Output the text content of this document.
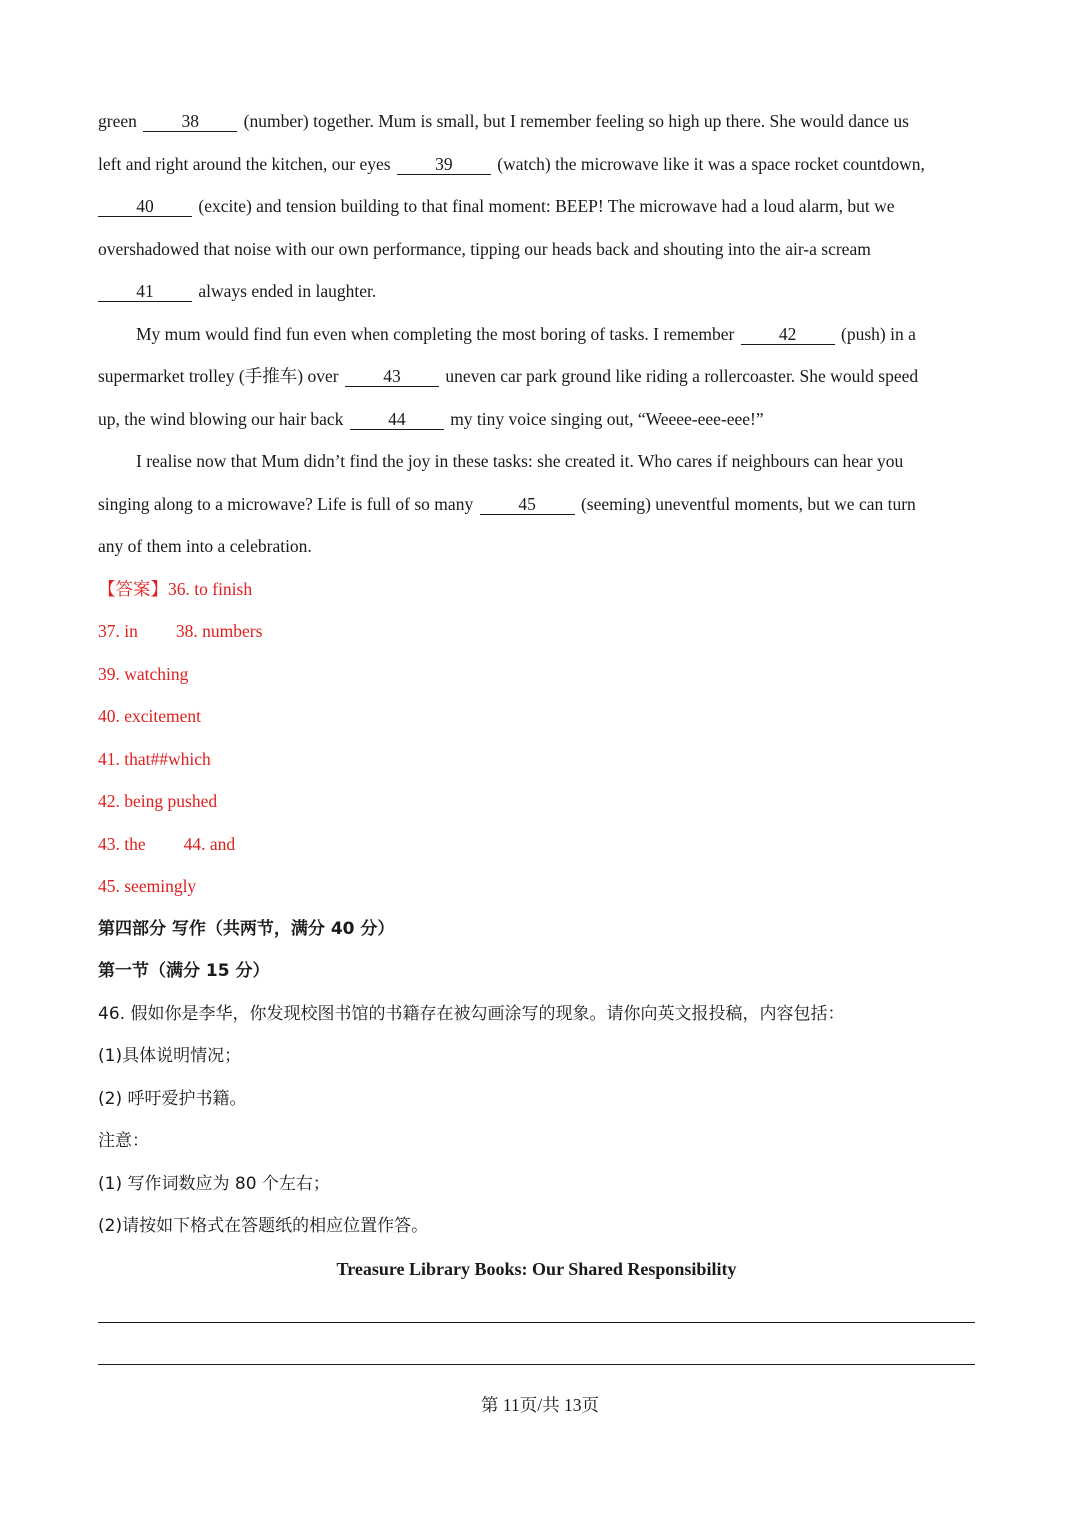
green 38 (number) together. Mum is small, but I remember feeling so high up there. She would dance us
left and right around the kitchen, our eyes 39 (watch) the microwave like it was a space rocket countdown,
40 (excite) and tension building to that final moment: BEEP! The microwave had a loud alarm, but we
overshadowed that noise with our own performance, tipping our heads back and shouting into the air-a scream
41 always ended in laughter.
My mum would find fun even when completing the most boring of tasks. I remember 42 (push) in a
supermarket trolley (手推车) over 43 uneven car park ground like riding a rollercoaster. She would speed
up, the wind blowing our hair back 44 my tiny voice singing out, “Weeee-eee-eee!”
I realise now that Mum didn’t find the joy in these tasks: she created it. Who cares if neighbours can hear you
singing along to a microwave? Life is full of so many 45 (seeming) uneventful moments, but we can turn
any of them into a celebration.
【答案】36. to finish
37. in 38. numbers
39. watching
40. excitement
41. that##which
42. being pushed
43. the 44. and
45. seemingly
第四部分 写作（共两节，满分 40 分）
第一节（满分 15 分）
46. 假如你是李华，你发现校图书馆的书籍存在被勾画涂写的现象。请你向英文报投稿，内容包括：
(1)具体说明情况；
(2) 呼吁爱护书籍。
注意：
(1) 写作词数应为 80 个左右；
(2)请按如下格式在答题纸的相应位置作答。
Treasure Library Books: Our Shared Responsibility
第 11页/共 13页
